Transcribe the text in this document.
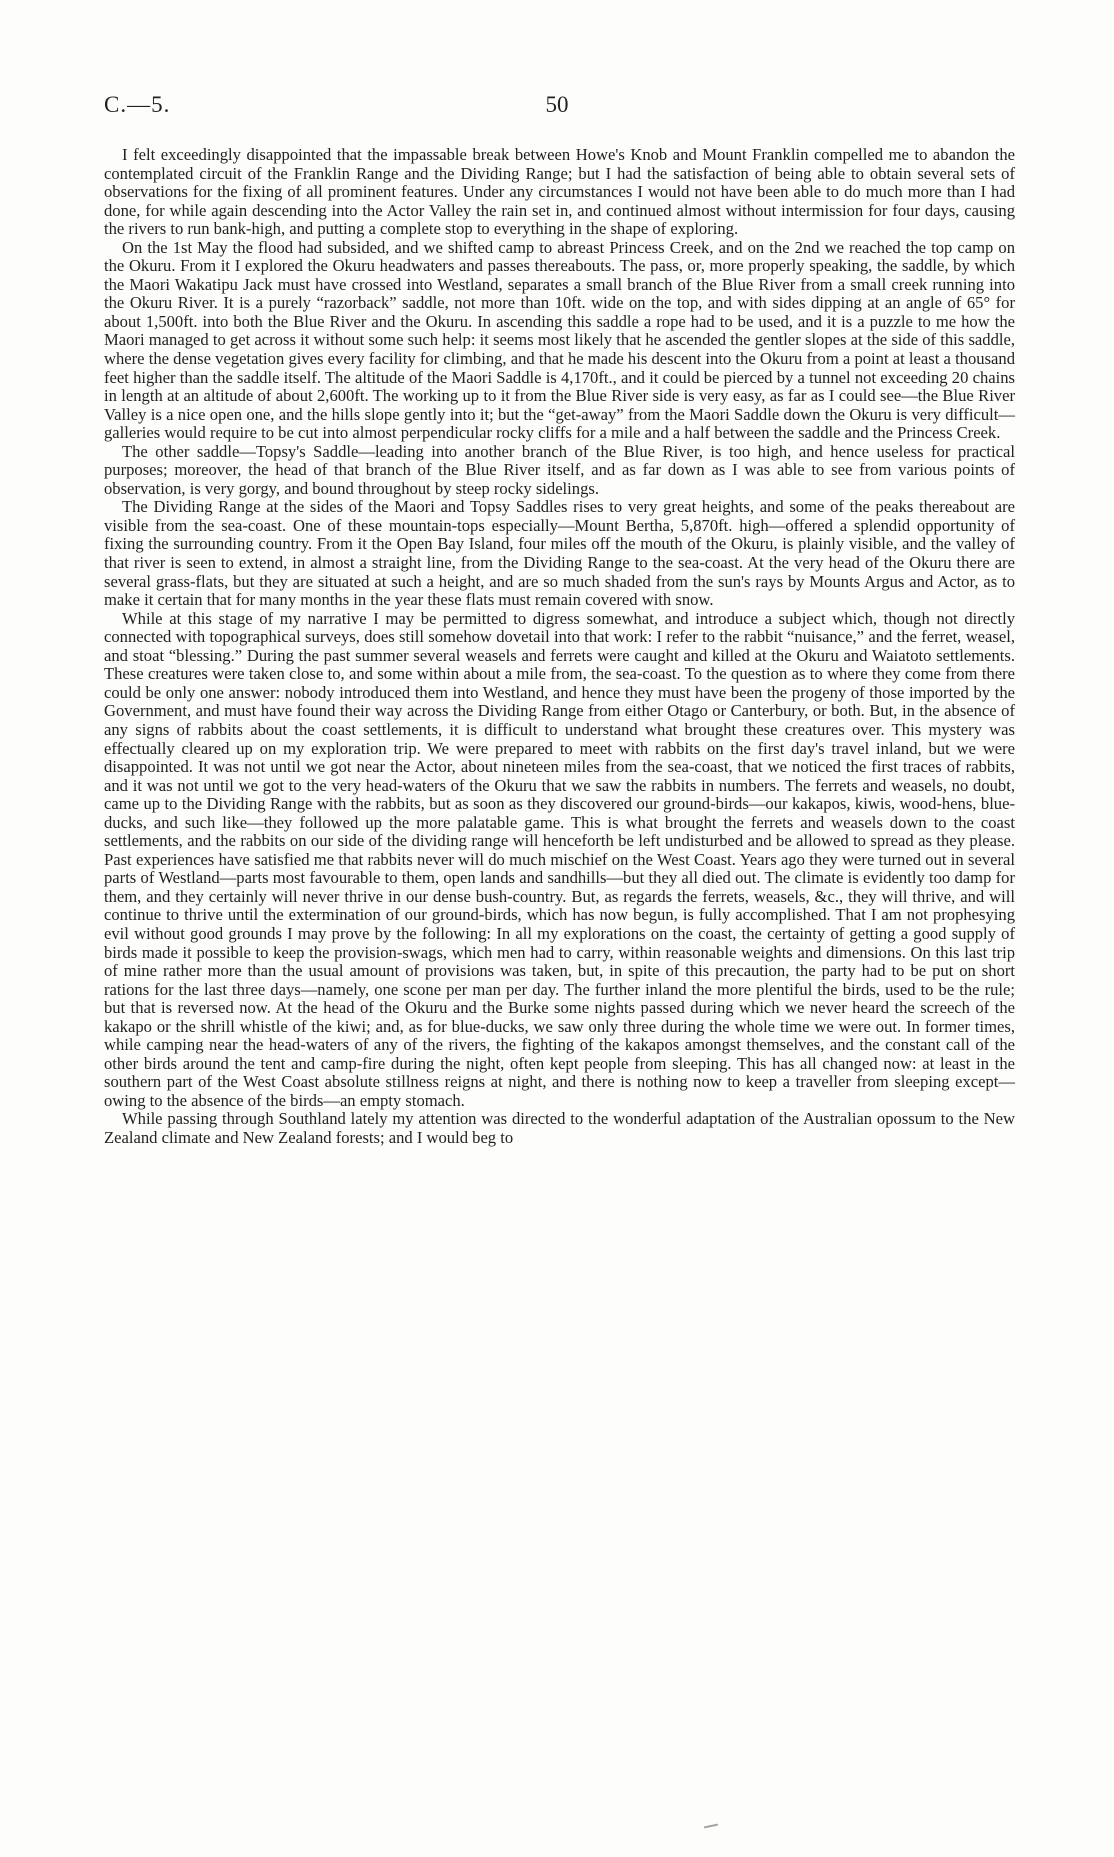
C.—5.	50

I felt exceedingly disappointed that the impassable break between Howe's Knob and Mount Franklin compelled me to abandon the contemplated circuit of the Franklin Range and the Dividing Range; but I had the satisfaction of being able to obtain several sets of observations for the fixing of all prominent features. Under any circumstances I would not have been able to do much more than I had done, for while again descending into the Actor Valley the rain set in, and continued almost without intermission for four days, causing the rivers to run bank-high, and putting a complete stop to everything in the shape of exploring.

On the 1st May the flood had subsided, and we shifted camp to abreast Princess Creek, and on the 2nd we reached the top camp on the Okuru. From it I explored the Okuru headwaters and passes thereabouts. The pass, or, more properly speaking, the saddle, by which the Maori Wakatipu Jack must have crossed into Westland, separates a small branch of the Blue River from a small creek running into the Okuru River. It is a purely “razorback” saddle, not more than 10ft. wide on the top, and with sides dipping at an angle of 65° for about 1,500ft. into both the Blue River and the Okuru. In ascending this saddle a rope had to be used, and it is a puzzle to me how the Maori managed to get across it without some such help: it seems most likely that he ascended the gentler slopes at the side of this saddle, where the dense vegetation gives every facility for climbing, and that he made his descent into the Okuru from a point at least a thousand feet higher than the saddle itself. The altitude of the Maori Saddle is 4,170ft., and it could be pierced by a tunnel not exceeding 20 chains in length at an altitude of about 2,600ft. The working up to it from the Blue River side is very easy, as far as I could see—the Blue River Valley is a nice open one, and the hills slope gently into it; but the “get-away” from the Maori Saddle down the Okuru is very difficult—galleries would require to be cut into almost perpendicular rocky cliffs for a mile and a half between the saddle and the Princess Creek.

The other saddle—Topsy's Saddle—leading into another branch of the Blue River, is too high, and hence useless for practical purposes; moreover, the head of that branch of the Blue River itself, and as far down as I was able to see from various points of observation, is very gorgy, and bound throughout by steep rocky sidelings.

The Dividing Range at the sides of the Maori and Topsy Saddles rises to very great heights, and some of the peaks thereabout are visible from the sea-coast. One of these mountain-tops especially—Mount Bertha, 5,870ft. high—offered a splendid opportunity of fixing the surrounding country. From it the Open Bay Island, four miles off the mouth of the Okuru, is plainly visible, and the valley of that river is seen to extend, in almost a straight line, from the Dividing Range to the sea-coast. At the very head of the Okuru there are several grass-flats, but they are situated at such a height, and are so much shaded from the sun's rays by Mounts Argus and Actor, as to make it certain that for many months in the year these flats must remain covered with snow.

While at this stage of my narrative I may be permitted to digress somewhat, and introduce a subject which, though not directly connected with topographical surveys, does still somehow dovetail into that work: I refer to the rabbit “nuisance,” and the ferret, weasel, and stoat “blessing.” During the past summer several weasels and ferrets were caught and killed at the Okuru and Waiatoto settlements. These creatures were taken close to, and some within about a mile from, the sea-coast. To the question as to where they come from there could be only one answer: nobody introduced them into Westland, and hence they must have been the progeny of those imported by the Government, and must have found their way across the Dividing Range from either Otago or Canterbury, or both. But, in the absence of any signs of rabbits about the coast settlements, it is difficult to understand what brought these creatures over. This mystery was effectually cleared up on my exploration trip. We were prepared to meet with rabbits on the first day's travel inland, but we were disappointed. It was not until we got near the Actor, about nineteen miles from the sea-coast, that we noticed the first traces of rabbits, and it was not until we got to the very head-waters of the Okuru that we saw the rabbits in numbers. The ferrets and weasels, no doubt, came up to the Dividing Range with the rabbits, but as soon as they discovered our ground-birds—our kakapos, kiwis, wood-hens, blue-ducks, and such like—they followed up the more palatable game. This is what brought the ferrets and weasels down to the coast settlements, and the rabbits on our side of the dividing range will henceforth be left undisturbed and be allowed to spread as they please. Past experiences have satisfied me that rabbits never will do much mischief on the West Coast. Years ago they were turned out in several parts of Westland—parts most favourable to them, open lands and sandhills—but they all died out. The climate is evidently too damp for them, and they certainly will never thrive in our dense bush-country. But, as regards the ferrets, weasels, &c., they will thrive, and will continue to thrive until the extermination of our ground-birds, which has now begun, is fully accomplished. That I am not prophesying evil without good grounds I may prove by the following: In all my explorations on the coast, the certainty of getting a good supply of birds made it possible to keep the provision-swags, which men had to carry, within reasonable weights and dimensions. On this last trip of mine rather more than the usual amount of provisions was taken, but, in spite of this precaution, the party had to be put on short rations for the last three days—namely, one scone per man per day. The further inland the more plentiful the birds, used to be the rule; but that is reversed now. At the head of the Okuru and the Burke some nights passed during which we never heard the screech of the kakapo or the shrill whistle of the kiwi; and, as for blue-ducks, we saw only three during the whole time we were out. In former times, while camping near the head-waters of any of the rivers, the fighting of the kakapos amongst themselves, and the constant call of the other birds around the tent and camp-fire during the night, often kept people from sleeping. This has all changed now: at least in the southern part of the West Coast absolute stillness reigns at night, and there is nothing now to keep a traveller from sleeping except—owing to the absence of the birds—an empty stomach.

While passing through Southland lately my attention was directed to the wonderful adaptation of the Australian opossum to the New Zealand climate and New Zealand forests; and I would beg to
